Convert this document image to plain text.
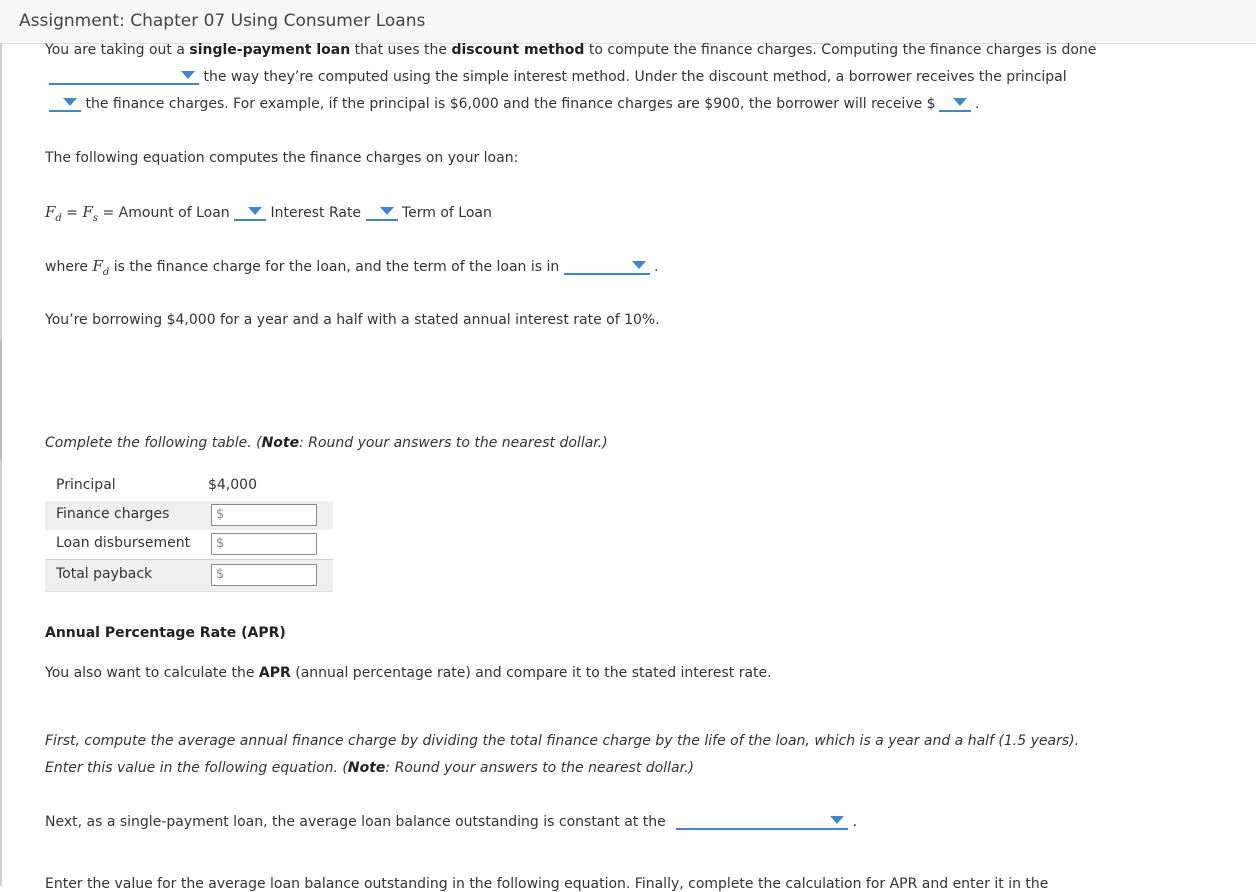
Assignment: Chapter 07 Using Consumer Loans
You are taking out a single-payment loan that uses the discount method to compute the finance charges. Computing the finance charges is done
the way they’re computed using the simple interest method. Under the discount method, a borrower receives the principal
the finance charges. For example, if the principal is $6,000 and the finance charges are $900, the borrower will receive $	.
The following equation computes the finance charges on your loan:
$F_d = F_s$ = Amount of Loan
Interest Rate
Term of Loan
where $F_d$ is the finance charge for the loan, and the term of the loan is in	.
You’re borrowing $4,000 for a year and a half with a stated annual interest rate of 10%.
Complete the following table. (Note: Round your answers to the nearest dollar.)
Principal	$4,000
Finance charges	$
Loan disbursement $
Total payback	$
Annual Percentage Rate (APR)
You also want to calculate the APR (annual percentage rate) and compare it to the stated interest rate.
First, compute the average annual finance charge by dividing the total finance charge by the life of the loan, which is a year and a half (1.5 years).
Enter this value in the following equation. (Note: Round your answers to the nearest dollar.)
Next, as a single-payment loan, the average loan balance outstanding is constant at the	.
Enter the value for the average loan balance outstanding in the following equation. Finally, complete the calculation for APR and enter it in the
